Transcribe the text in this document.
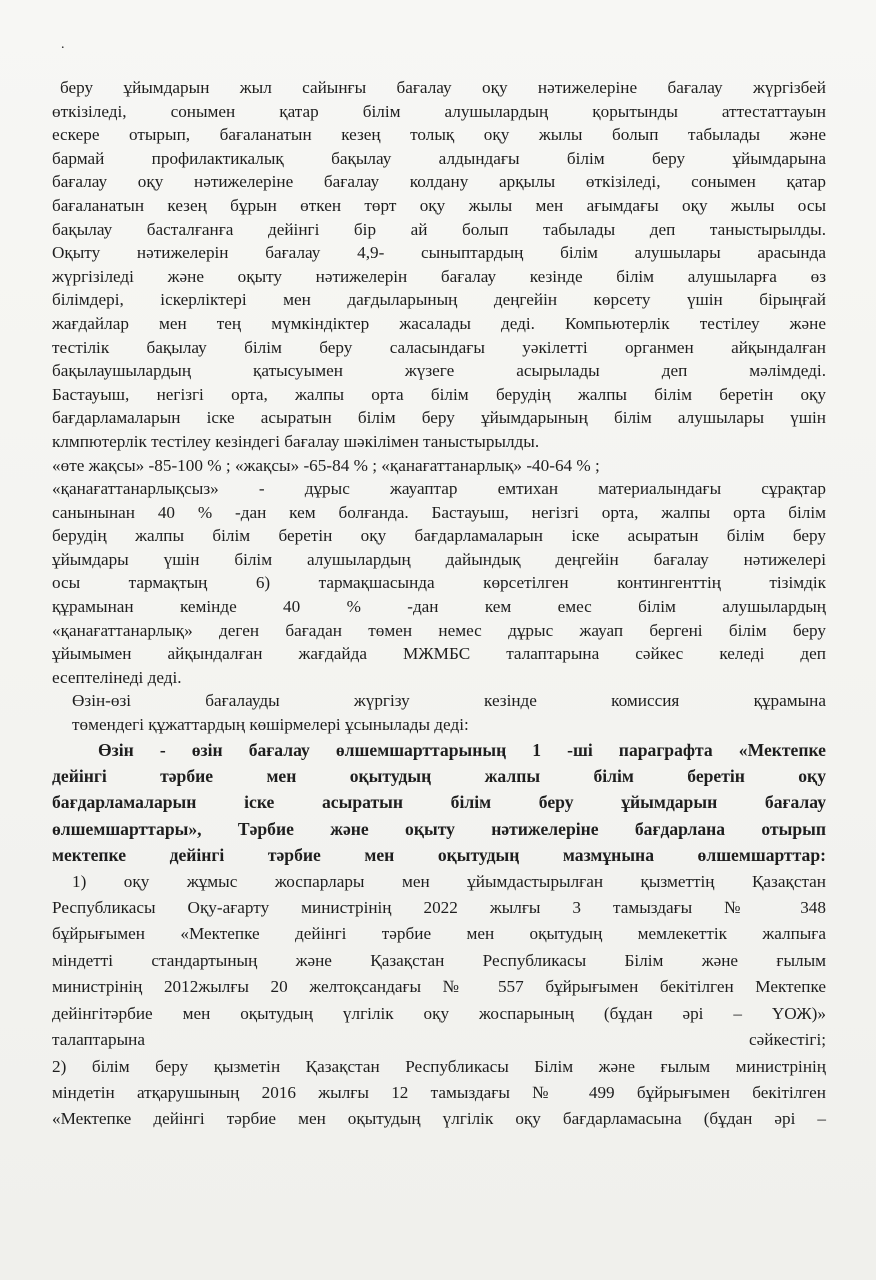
.
беру ұйымдарын жыл сайынғы бағалау оқу нәтижелеріне бағалау жүргізбей
өткізіледі, сонымен қатар білім алушылардың қорытынды аттестаттауын
ескере отырып, бағаланатын кезең толық оқу жылы болып табылады және
бармай профилактикалық бақылау алдындағы білім беру ұйымдарына
бағалау оқу нәтижелеріне бағалау колдану арқылы өткізіледі, сонымен қатар
бағаланатын кезең бұрын өткен төрт оқу жылы мен ағымдағы оқу жылы осы
бақылау басталғанға дейінгі бір ай болып табылады деп таныстырылды.
Оқыту нәтижелерін бағалау 4,9- сыныптардың білім алушылары арасында
жүргізіледі және оқыту нәтижелерін бағалау кезінде білім алушыларға өз
білімдері, іскерліктері мен дағдыларының деңгейін көрсету үшін бірыңғай
жағдайлар мен тең мүмкіндіктер жасалады деді. Компьютерлік тестілеу және
тестілік бақылау білім беру саласындағы уәкілетті органмен айқындалған
бақылаушылардың қатысуымен жүзеге асырылады деп мәлімдеді.
Бастауыш, негізгі орта, жалпы орта білім берудің жалпы білім беретін оқу
бағдарламаларын іске асыратын білім беру ұйымдарының білім алушылары үшін
клмпютерлік тестілеу кезіндегі бағалау шәкілімен таныстырылды.
«өте жақсы» -85-100 % ; «жақсы» -65-84 % ; «қанағаттанарлық» -40-64 % ;
«қанағаттанарлықсыз» - дұрыс жауаптар емтихан материалындағы сұрақтар
санынынан 40 % -дан кем болғанда. Бастауыш, негізгі орта, жалпы орта білім
берудің жалпы білім беретін оқу бағдарламаларын іске асыратын білім беру
ұйымдары үшін білім алушылардың дайындық деңгейін бағалау нәтижелері
осы тармақтың 6) тармақшасында көрсетілген контингенттің тізімдік
құрамынан кемінде 40 % -дан кем емес білім алушылардың
«қанағаттанарлық» деген бағадан төмен немес дұрыс жауап бергені білім беру
ұйымымен айқындалған жағдайда МЖМБС талаптарына сәйкес келеді деп
есептелінеді деді.
Өзін-өзі бағалауды жүргізу кезінде комиссия құрамына
төмендегі құжаттардың көшірмелері ұсынылады деді:
Өзін - өзін бағалау өлшемшарттарының 1 -ші параграфта «Мектепке
дейінгі тәрбие мен оқытудың жалпы білім беретін оқу
бағдарламаларын іске асыратын білім беру ұйымдарын бағалау
өлшемшарттары», Тәрбие және оқыту нәтижелеріне бағдарлана отырып
мектепке дейінгі тәрбие мен оқытудың мазмұнына өлшемшарттар:
1) оқу жұмыс жоспарлары мен ұйымдастырылған қызметтің Қазақстан
Республикасы Оқу-ағарту министрінің 2022 жылғы 3 тамыздағы № 348
бұйрығымен «Мектепке дейінгі тәрбие мен оқытудың мемлекеттік жалпыға
міндетті стандартының және Қазақстан Республикасы Білім және ғылым
министрінің 2012жылғы 20 желтоқсандағы № 557 бұйрығымен бекітілген Мектепке
дейінгітәрбие мен оқытудың үлгілік оқу жоспарының (бұдан әрі – ҮОЖ)»
талаптарына сәйкестігі;
2) білім беру қызметін Қазақстан Республикасы Білім және ғылым министрінің
міндетін атқарушының 2016 жылғы 12 тамыздағы № 499 бұйрығымен бекітілген
«Мектепке дейінгі тәрбие мен оқытудың үлгілік оқу бағдарламасына (бұдан әрі –
